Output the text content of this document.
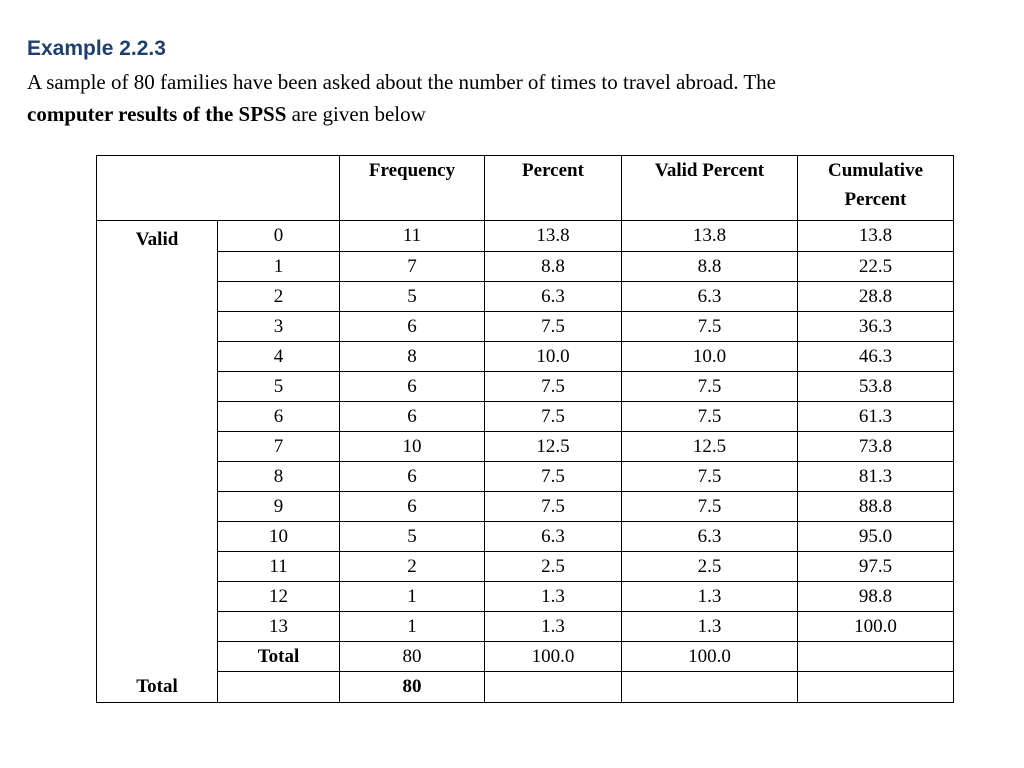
Example 2.2.3
A sample of 80 families have been asked about the number of times to travel abroad. The
computer results of the SPSS are given below
		Frequency	Percent	Valid Percent	Cumulative
Percent
Valid	0	11	13.8	13.8	13.8
	1	7	8.8	8.8	22.5
	2	5	6.3	6.3	28.8
	3	6	7.5	7.5	36.3
	4	8	10.0	10.0	46.3
	5	6	7.5	7.5	53.8
	6	6	7.5	7.5	61.3
	7	10	12.5	12.5	73.8
	8	6	7.5	7.5	81.3
	9	6	7.5	7.5	88.8
	10	5	6.3	6.3	95.0
	11	2	2.5	2.5	97.5
	12	1	1.3	1.3	98.8
	13	1	1.3	1.3	100.0
	Total	80	100.0	100.0	
Total		80			
